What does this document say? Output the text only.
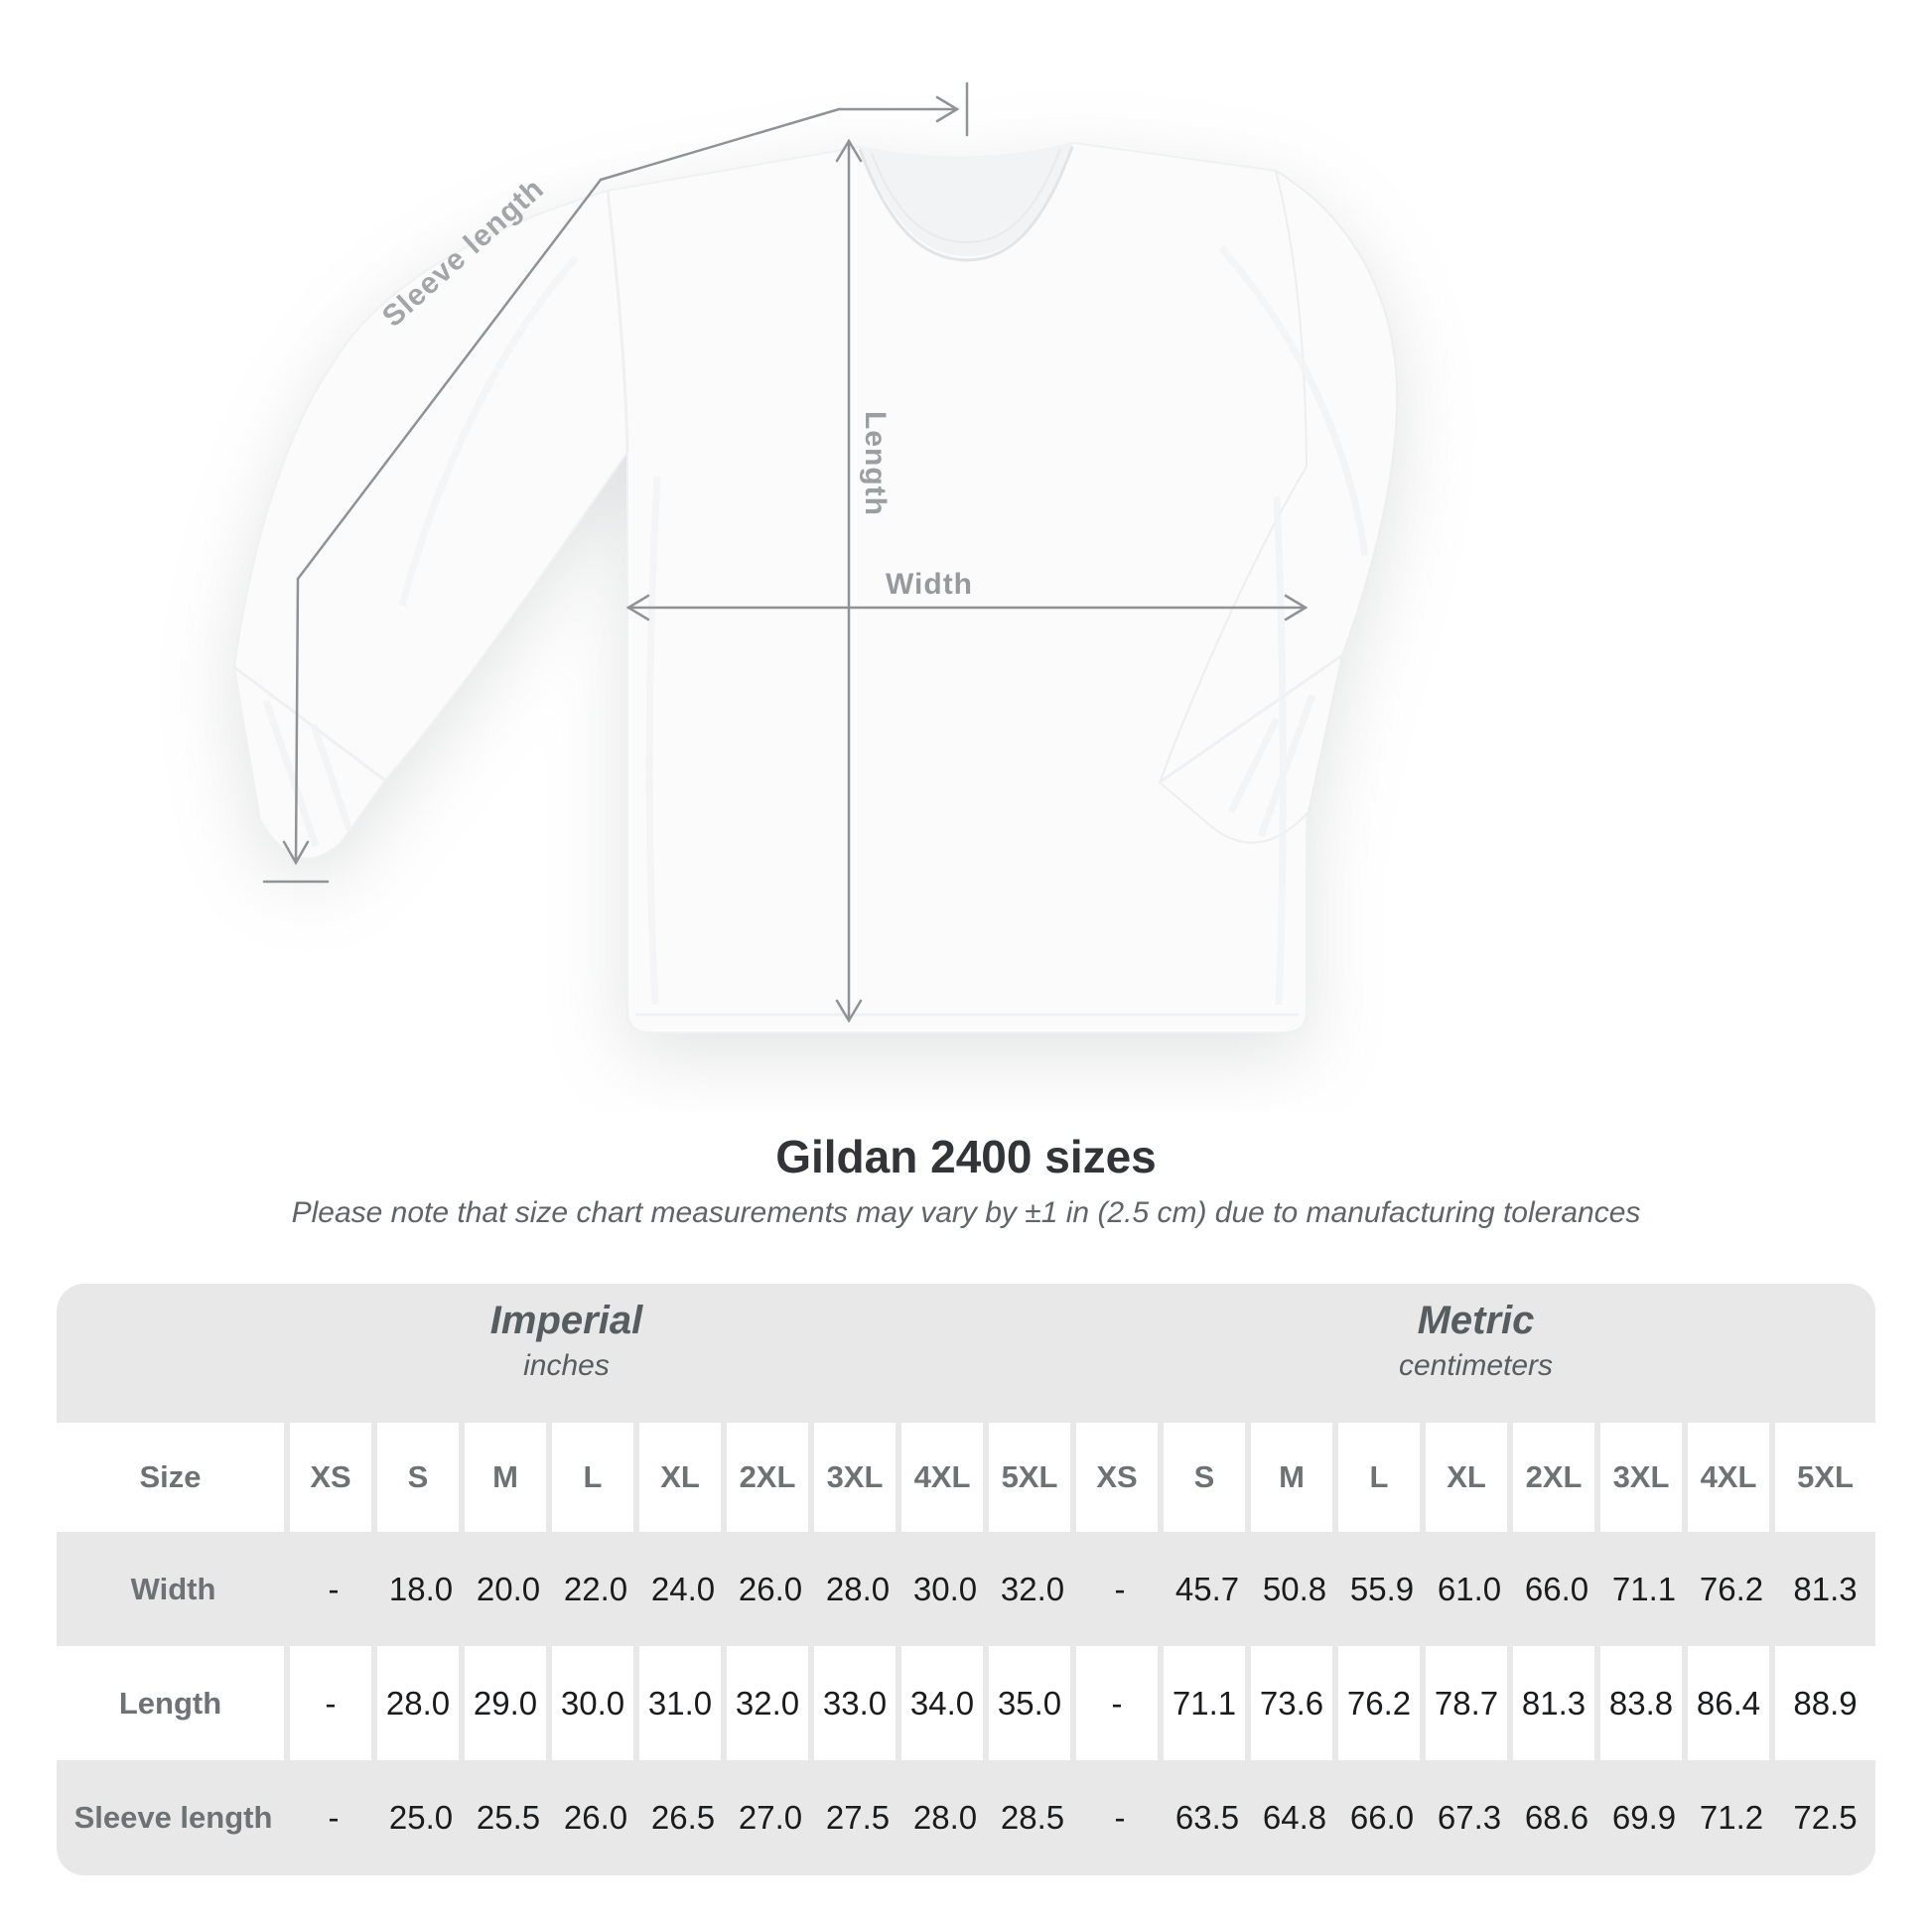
Sleeve length
Length
Width
Gildan 2400 sizes
Please note that size chart measurements may vary by ±1 in (2.5 cm) due to manufacturing tolerances
Imperial
inches
Metric
centimeters
Size	XS	S	M	L	XL	2XL	3XL	4XL	5XL	XS	S	M	L	XL	2XL	3XL	4XL	5XL
Width	-	18.0 20.0 22.0 24.0 26.0 28.0 30.0 32.0	-	45.7 50.8 55.9 61.0 66.0 71.1 76.2 81.3
Length	-	28.0 29.0 30.0 31.0 32.0 33.0 34.0 35.0	-	71.1 73.6 76.2 78.7 81.3 83.8 86.4	88.9
Sleeve length	-	25.0 25.5 26.0 26.5 27.0 27.5 28.0 28.5	-	63.5 64.8 66.0 67.3 68.6 69.9 71.2 72.5
